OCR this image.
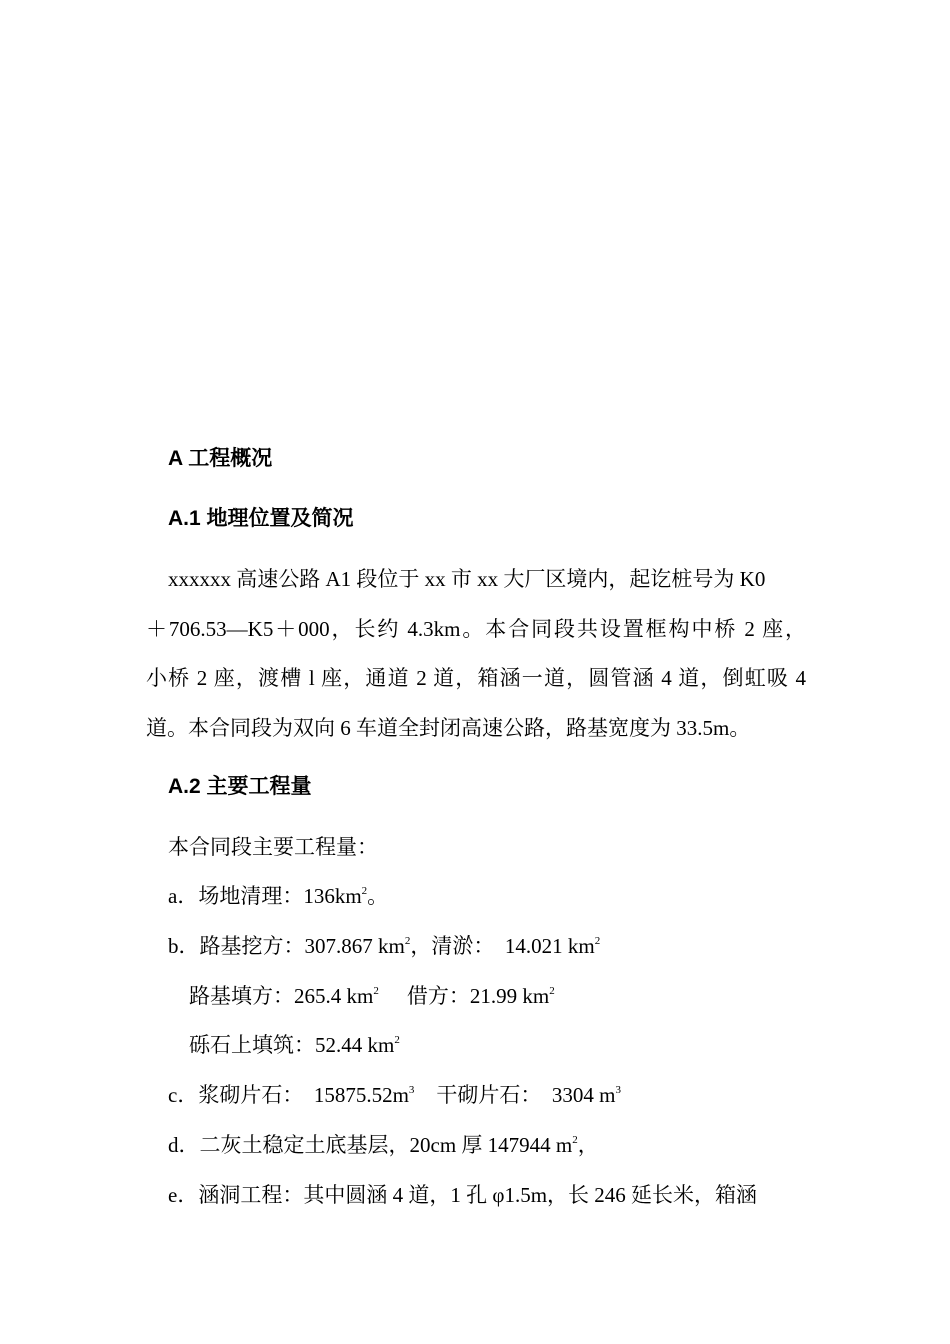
A 工程概况
A.1 地理位置及简况
xxxxxx 高速公路 A1 段位于 xx 市 xx 大厂区境内，起讫桩号为 K0
＋706.53—K5＋000，长约 4.3km。本合同段共设置框构中桥 2 座，
小桥 2 座，渡槽 l 座，通道 2 道，箱涵一道，圆管涵 4 道，倒虹吸 4
道。本合同段为双向 6 车道全封闭高速公路，路基宽度为 33.5m。
A.2 主要工程量
本合同段主要工程量：
a．场地清理：$136km^2$。
b．路基挖方：307.867 $km^2$，清淤：　14.021 $km^2$
路基填方：265.4 $km^2$ 借方：21.99 $km^2$
砾石上填筑：52.44 $km^2$
c．浆砌片石：　$15875.52m^3$ 干砌片石：　3304 $m^3$
d．二灰土稳定土底基层，20cm 厚 147944 $m^2$，
e．涵洞工程：其中圆涵 4 道，1 孔 φ1.5m，长 246 延长米，箱涵
